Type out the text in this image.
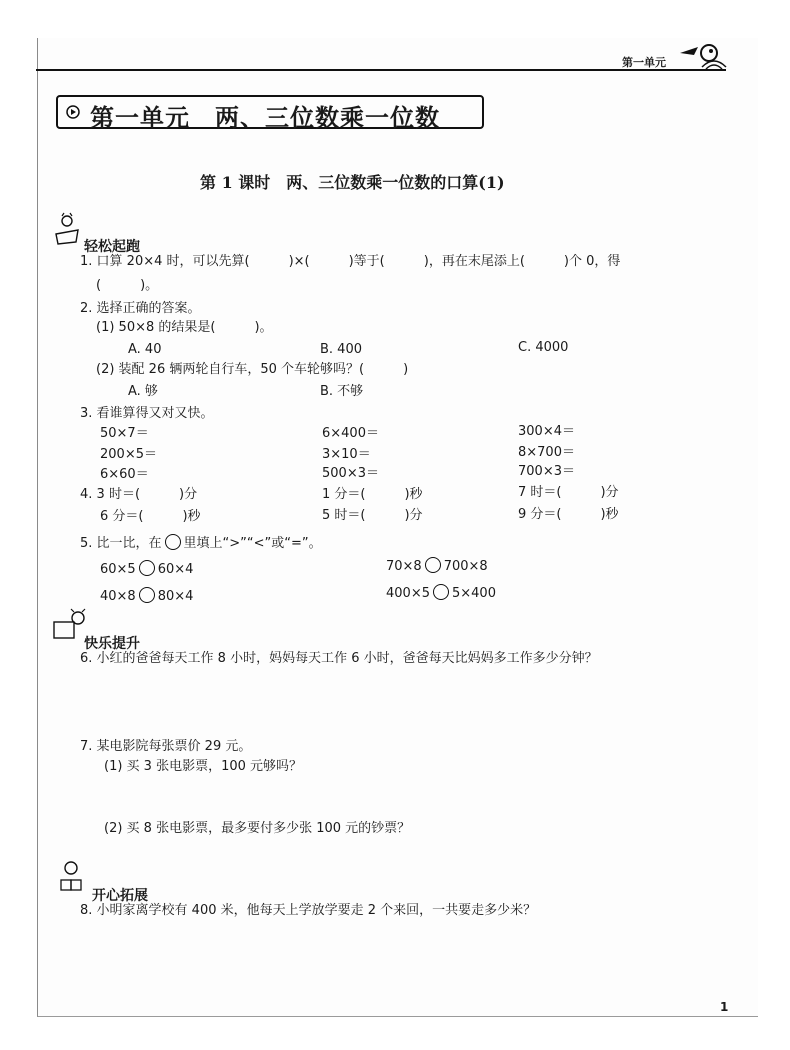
第一单元
第一单元　两、三位数乘一位数
第 1 课时　两、三位数乘一位数的口算(1)
轻松起跑
1. 口算 20×4 时，可以先算(　　　)×(　　　)等于(　　　)，再在末尾添上(　　　)个 0，得
(　　　)。
2. 选择正确的答案。
(1) 50×8 的结果是(　　　)。
A. 40	B. 400	C. 4000
(2) 装配 26 辆两轮自行车，50 个车轮够吗？(　　　)
A. 够	B. 不够
3. 看谁算得又对又快。
50×7＝	6×400＝	300×4＝
200×5＝	3×10＝	8×700＝
6×60＝	500×3＝	700×3＝
4. 3 时＝(　　　)分	1 分＝(　　　)秒	7 时＝(　　　)分
6 分＝(　　　)秒	5 时＝(　　　)分	9 分＝(　　　)秒
5. 比一比，在 里填上“>”“<”或“=”。
60×5 60×4	70×8 700×8
40×8 80×4	400×5 5×400
快乐提升
6. 小红的爸爸每天工作 8 小时，妈妈每天工作 6 小时，爸爸每天比妈妈多工作多少分钟？
7. 某电影院每张票价 29 元。
(1) 买 3 张电影票，100 元够吗？
(2) 买 8 张电影票，最多要付多少张 100 元的钞票？
开心拓展
8. 小明家离学校有 400 米，他每天上学放学要走 2 个来回，一共要走多少米？
1
